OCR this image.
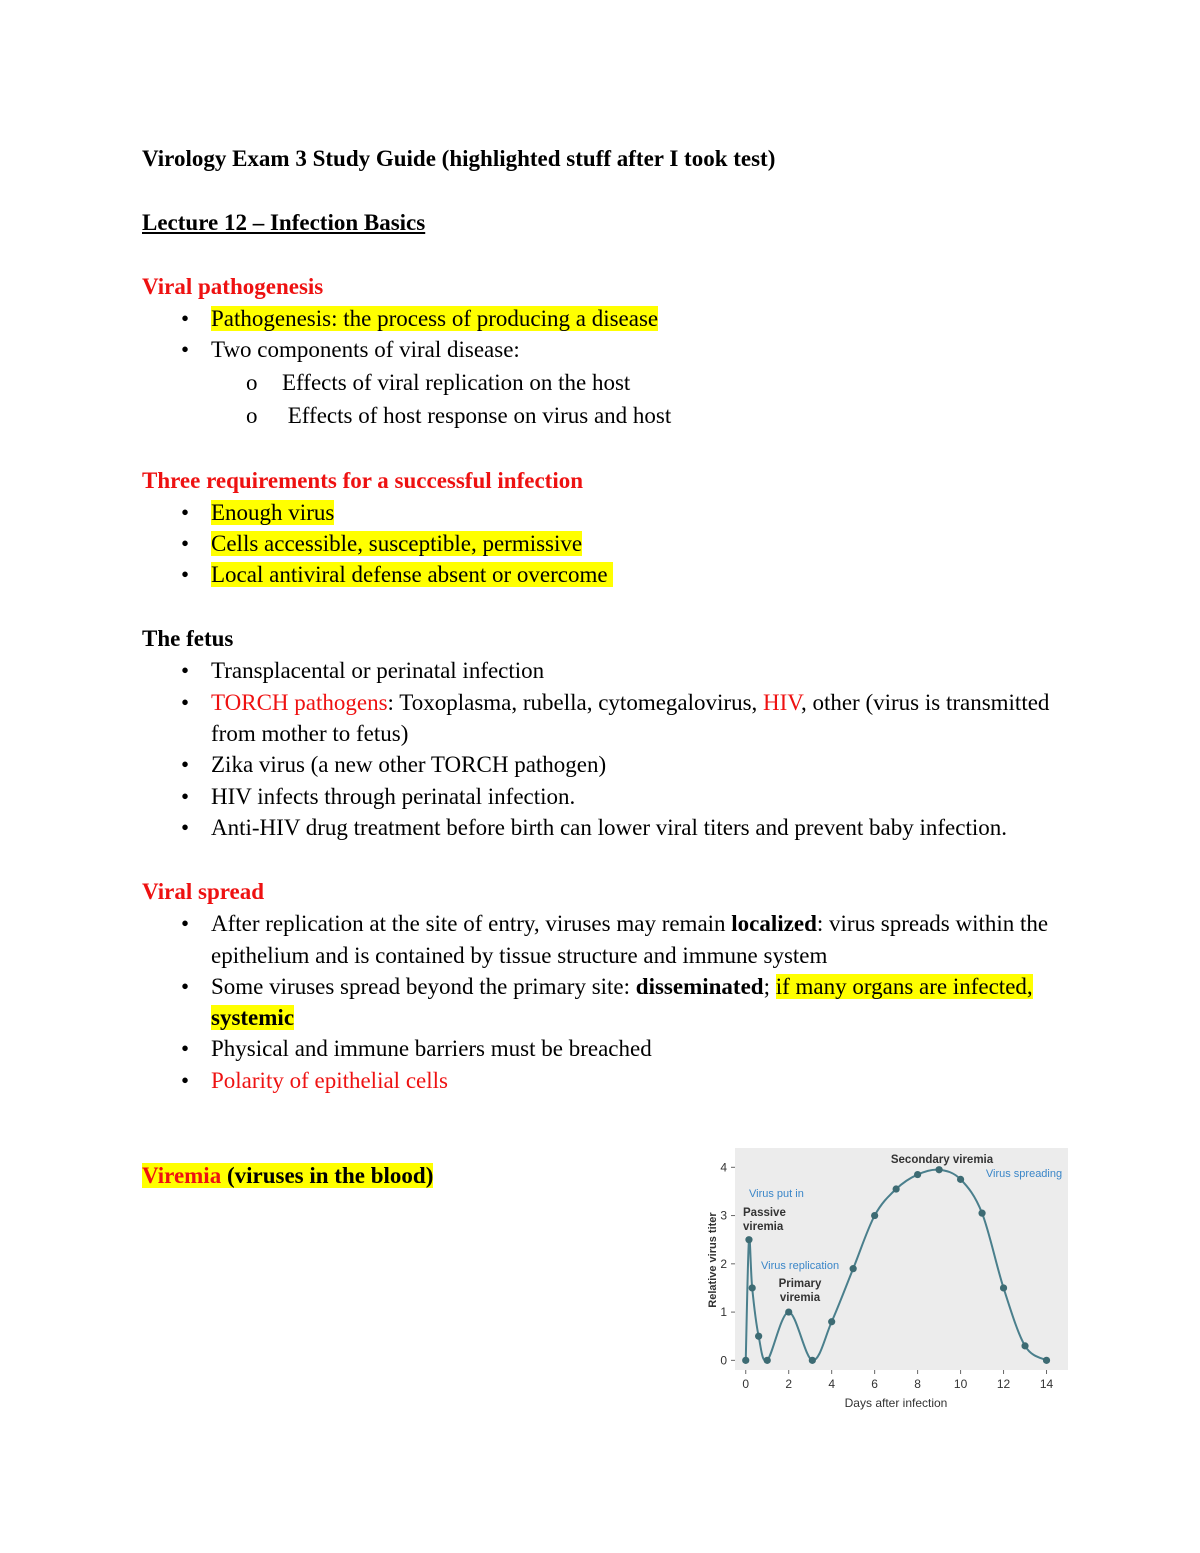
Virology Exam 3 Study Guide (highlighted stuff after I took test)

Lecture 12 – Infection Basics

Viral pathogenesis

• Pathogenesis: the process of producing a disease
• Two components of viral disease:
o Effects of viral replication on the host
o Effects of host response on virus and host

Three requirements for a successful infection

• Enough virus
• Cells accessible, susceptible, permissive
• Local antiviral defense absent or overcome

The fetus

• Transplacental or perinatal infection
• TORCH pathogens: Toxoplasma, rubella, cytomegalovirus, HIV, other (virus is transmitted from mother to fetus)
• Zika virus (a new other TORCH pathogen)
• HIV infects through perinatal infection.
• Anti-HIV drug treatment before birth can lower viral titers and prevent baby infection.

Viral spread

• After replication at the site of entry, viruses may remain localized: virus spreads within the epithelium and is contained by tissue structure and immune system
• Some viruses spread beyond the primary site: disseminated; if many organs are infected, systemic
• Physical and immune barriers must be breached
• Polarity of epithelial cells

Viremia (viruses in the blood)

0	2	4	6	8	10 12 14
0
1
2
3
4
Relative virus titer
Days after infection
Secondary viremia
Virus spreading
Virus put in
Passive
viremia
Virus replication
Primary
viremia
